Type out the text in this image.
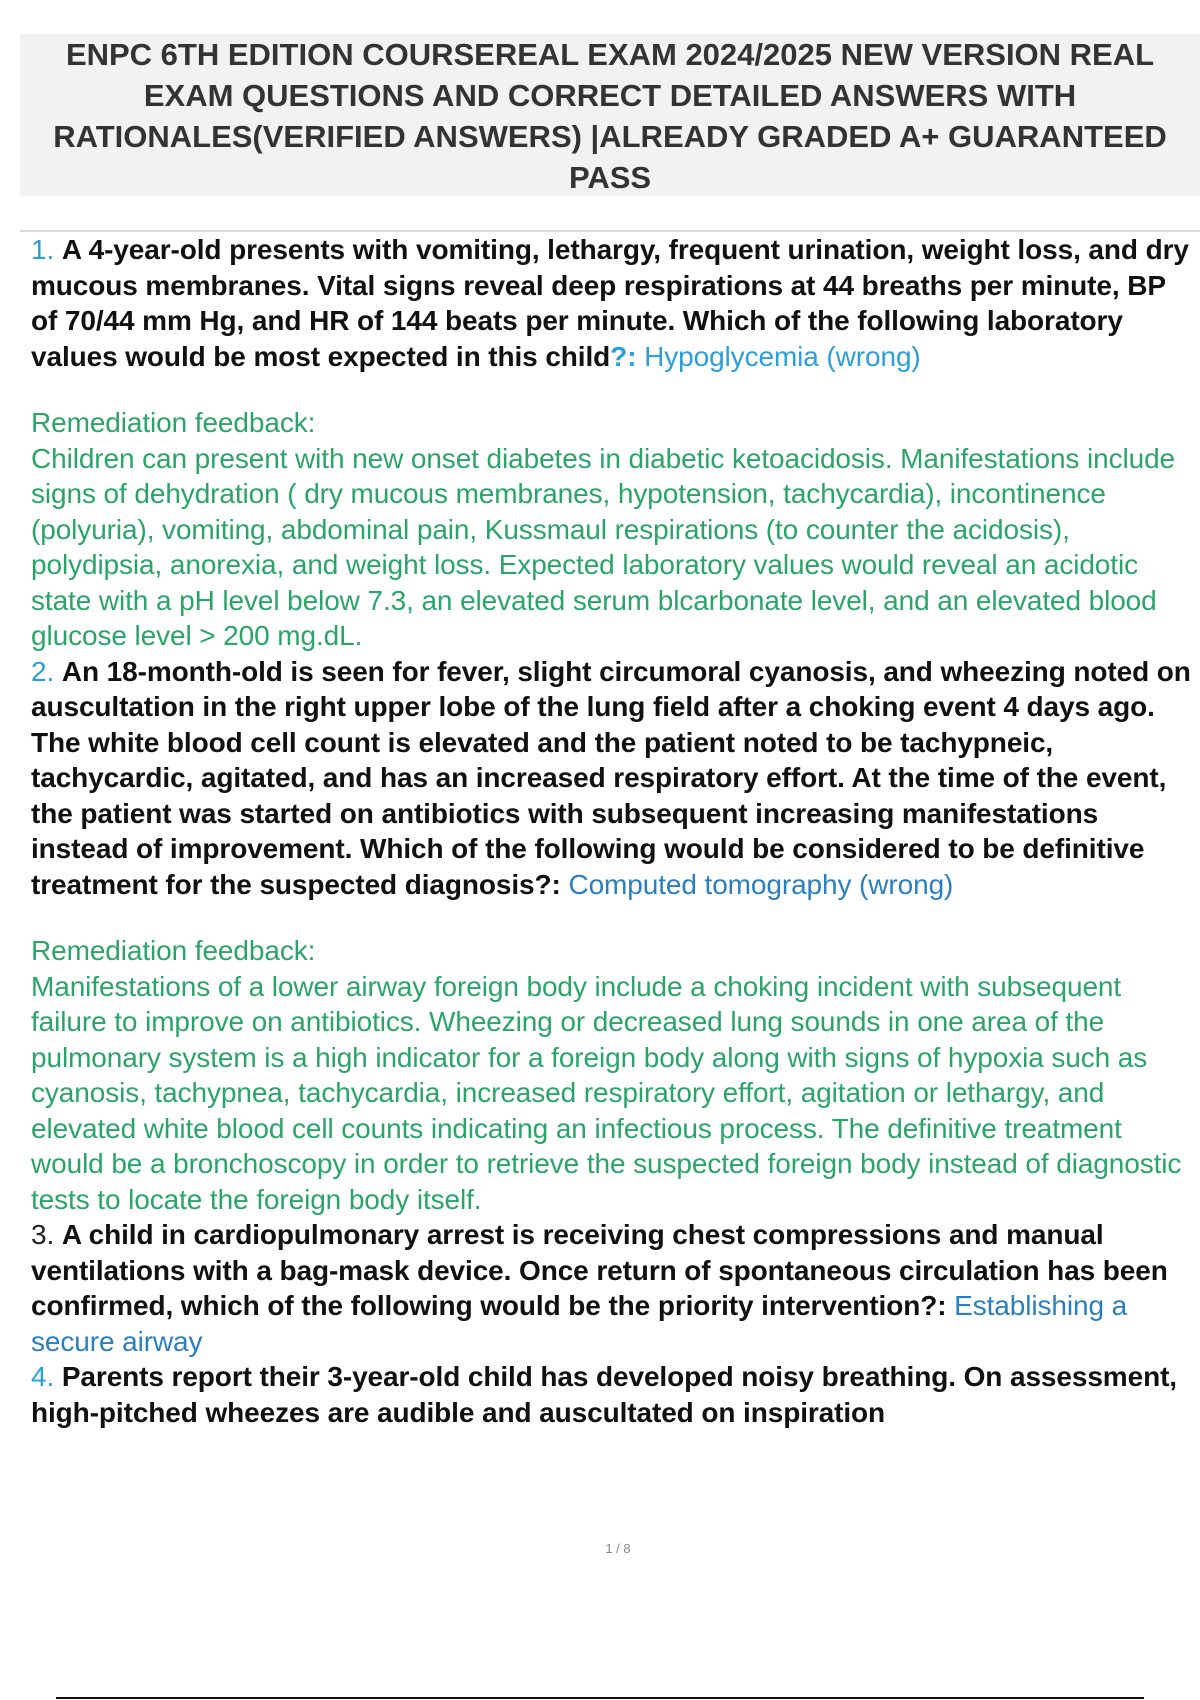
ENPC 6TH EDITION COURSEREAL EXAM 2024/2025 NEW VERSION REAL EXAM QUESTIONS AND CORRECT DETAILED ANSWERS WITH RATIONALES(VERIFIED ANSWERS) |ALREADY GRADED A+ GUARANTEED PASS

1. A 4-year-old presents with vomiting, lethargy, frequent urination, weight loss, and dry mucous membranes. Vital signs reveal deep respirations at 44 breaths per minute, BP of 70/44 mm Hg, and HR of 144 beats per minute. Which of the following laboratory values would be most expected in this child?: Hypoglycemia (wrong)

Remediation feedback:
Children can present with new onset diabetes in diabetic ketoacidosis. Manifestations include signs of dehydration ( dry mucous membranes, hypotension, tachycardia), incontinence (polyuria), vomiting, abdominal pain, Kussmaul respirations (to counter the acidosis), polydipsia, anorexia, and weight loss. Expected laboratory values would reveal an acidotic state with a pH level below 7.3, an elevated serum blcarbonate level, and an elevated blood glucose level > 200 mg.dL.

2. An 18-month-old is seen for fever, slight circumoral cyanosis, and wheezing noted on auscultation in the right upper lobe of the lung field after a choking event 4 days ago. The white blood cell count is elevated and the patient noted to be tachypneic, tachycardic, agitated, and has an increased respiratory effort. At the time of the event, the patient was started on antibiotics with subsequent increasing manifestations instead of improvement. Which of the following would be considered to be definitive treatment for the suspected diagnosis?: Computed tomography (wrong)

Remediation feedback:
Manifestations of a lower airway foreign body include a choking incident with subsequent failure to improve on antibiotics. Wheezing or decreased lung sounds in one area of the pulmonary system is a high indicator for a foreign body along with signs of hypoxia such as cyanosis, tachypnea, tachycardia, increased respiratory effort, agitation or lethargy, and elevated white blood cell counts indicating an infectious process. The definitive treatment would be a bronchoscopy in order to retrieve the suspected foreign body instead of diagnostic tests to locate the foreign body itself.

3. A child in cardiopulmonary arrest is receiving chest compressions and manual ventilations with a bag-mask device. Once return of spontaneous circulation has been confirmed, which of the following would be the priority intervention?: Establishing a secure airway

4. Parents report their 3-year-old child has developed noisy breathing. On assessment, high-pitched wheezes are audible and auscultated on inspiration

1 / 8
